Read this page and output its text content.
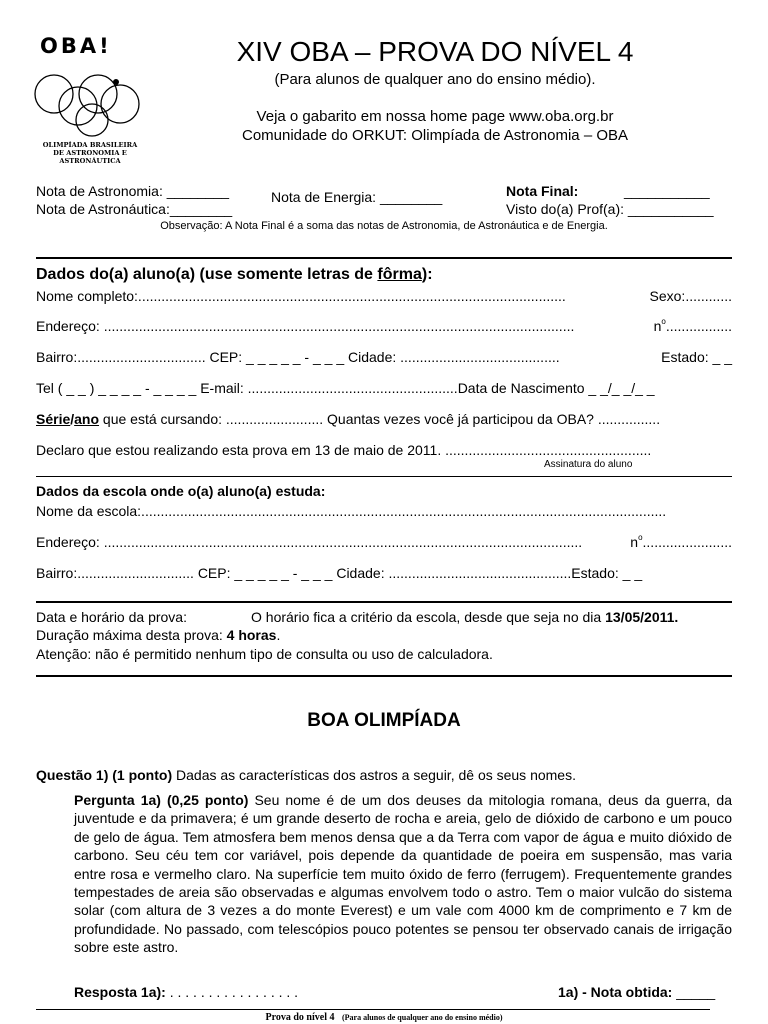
OBA!
OLIMPÍADA BRASILEIRA DE ASTRONOMIA E ASTRONÁUTICA
XIV OBA – PROVA DO NÍVEL 4
(Para alunos de qualquer ano do ensino médio).
Veja o gabarito em nossa home page www.oba.org.br
Comunidade do ORKUT: Olimpíada de Astronomia – OBA
Nota de Astronomia: ________
Nota de Astronáutica:________
Nota de Energia: ________	Nota Final:	___________
Visto do(a) Prof(a): ___________
Observação: A Nota Final é a soma das notas de Astronomia, de Astronáutica e de Energia.
Dados do(a) aluno(a) (use somente letras de fôrma):
Nome completo:..............................................................................................................	Sexo:............
Endereço: .........................................................................................................................	$n^o$.................
Bairro:................................. CEP: _ _ _ _ _ - _ _ _ Cidade: .........................................	Estado: _ _
Tel ( _ _ ) _ _ _ _ - _ _ _ _ E-mail: ......................................................Data de Nascimento _ _/_ _/_ _
Série / ano que está cursando: ......................... Quantas vezes você já participou da OBA? ................
Declaro que estou realizando esta prova em 13 de maio de 2011. .....................................................
Assinatura do aluno
Dados da escola onde o(a) aluno(a) estuda:
Nome da escola:.......................................................................................................................................
Endereço: ...........................................................................................................................	$n^o$.......................
Bairro:.............................. CEP: _ _ _ _ _ - _ _ _ Cidade: ...............................................Estado: _ _
Data e horário da prova:	O horário fica a critério da escola, desde que seja no dia 13/05/2011.
Duração máxima desta prova: 4 horas.
Atenção: não é permitido nenhum tipo de consulta ou uso de calculadora.
BOA OLIMPÍADA
Questão 1) (1 ponto) Dadas as características dos astros a seguir, dê os seus nomes.
Pergunta 1a) (0,25 ponto) Seu nome é de um dos deuses da mitologia romana, deus da guerra, da juventude e da primavera; é um grande deserto de rocha e areia, gelo de dióxido de carbono e um pouco de gelo de água. Tem atmosfera bem menos densa que a da Terra com vapor de água e muito dióxido de carbono. Seu céu tem cor variável, pois depende da quantidade de poeira em suspensão, mas varia entre rosa e vermelho claro. Na superfície tem muito óxido de ferro (ferrugem). Frequentemente grandes tempestades de areia são observadas e algumas envolvem todo o astro. Tem o maior vulcão do sistema solar (com altura de 3 vezes a do monte Everest) e um vale com 4000 km de comprimento e 7 km de profundidade. No passado, com telescópios pouco potentes se pensou ter observado canais de irrigação sobre este astro.
Resposta 1a): . . . . . . . . . . . . . . . . .	1a) - Nota obtida: _____
Prova do nível 4 (Para alunos de qualquer ano do ensino médio)
